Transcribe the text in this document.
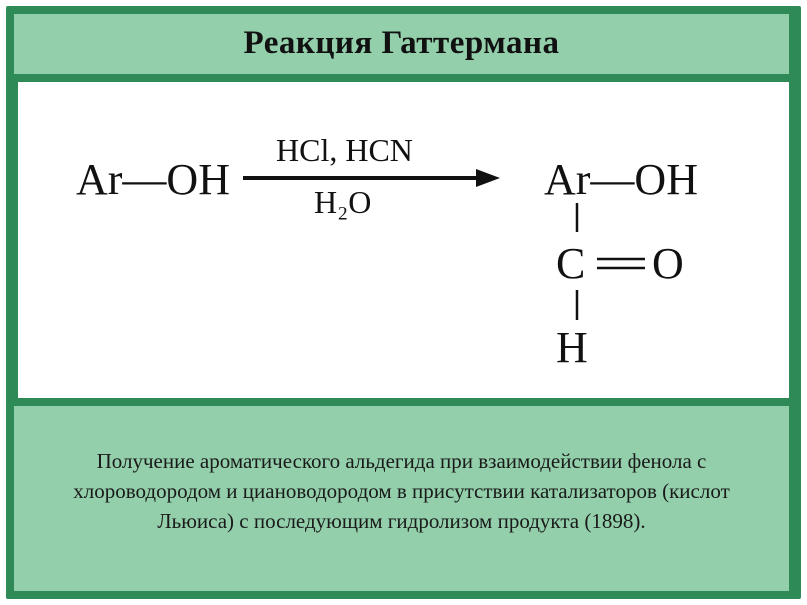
Реакция Гаттермана
Ar—OH
HCl, HCN
H₂O	Ar—OH
C O
H
Получение ароматического альдегида при взаимодействии фенола с хлороводородом и циановодородом в присутствии катализаторов (кислот Льюиса) с последующим гидролизом продукта (1898).
